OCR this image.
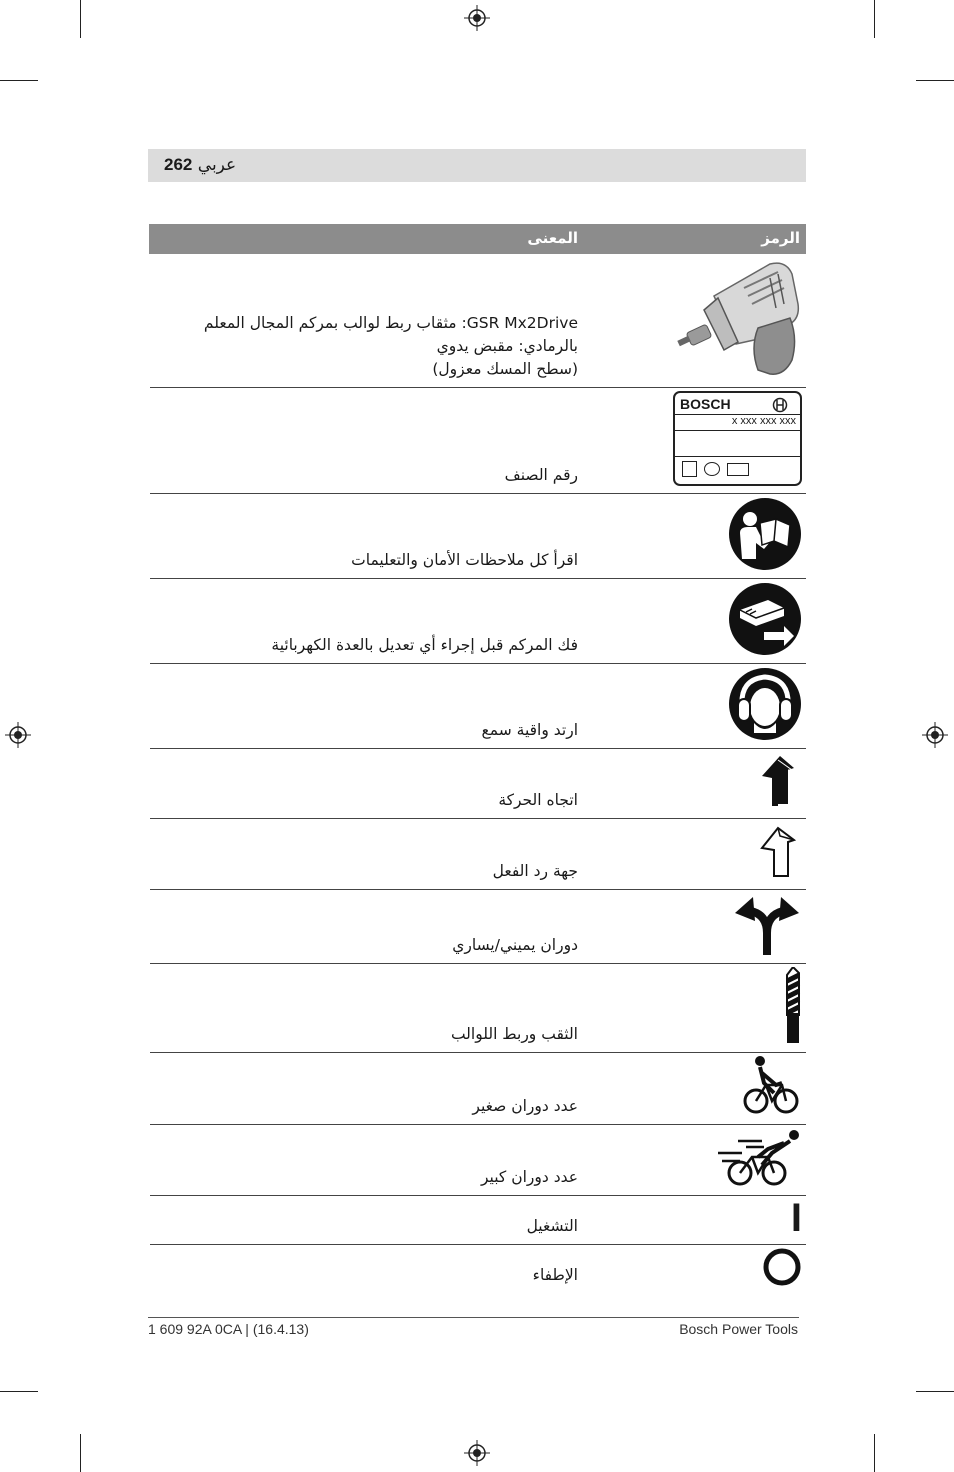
عربي 262
الرمز
المعنى
GSR Mx2Drive: مثقاب ربط لوالب بمركم المجال المعلم
بالرمادي: مقبض يدوي
(سطح المسك معزول)
BOSCH
x xxx xxx xxx
رقم الصنف
اقرأ كل ملاحظات الأمان والتعليمات
فك المركم قبل إجراء أي تعديل بالعدة الكهربائية
ارتد واقية سمع
اتجاه الحركة
جهة رد الفعل
دوران يميني/يساري
الثقب وربط اللوالب
عدد دوران صغير
عدد دوران كبير
I
التشغيل
الإطفاء
1 609 92A 0CA | (16.4.13)	Bosch Power Tools
